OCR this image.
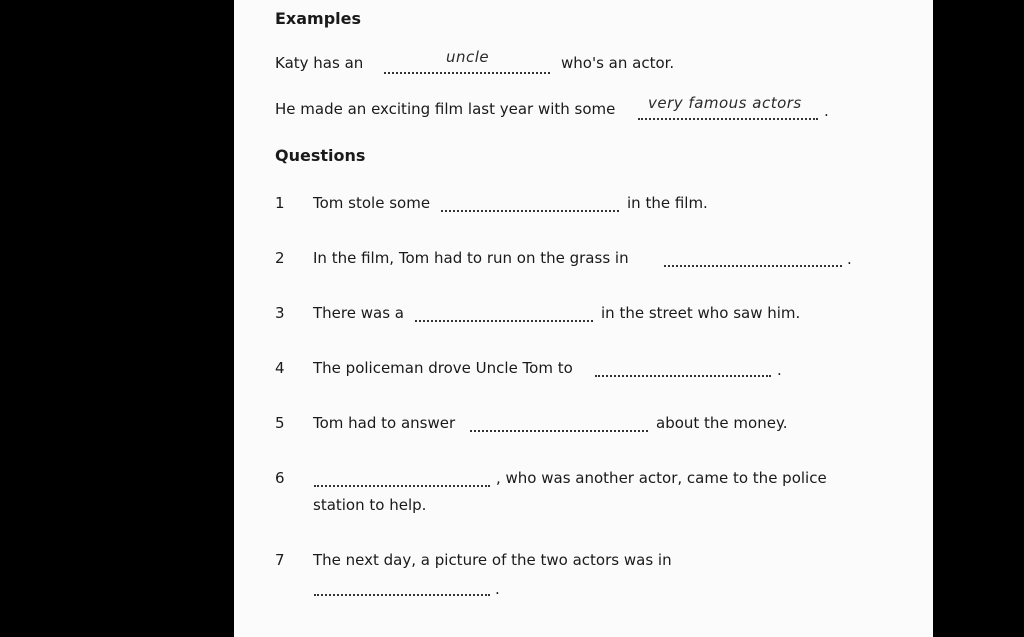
Examples
Katy has an	uncle	who's an actor.
He made an exciting film last year with some very famous actors .
Questions
1 Tom stole some	in the film.
2 In the film, Tom had to run on the grass in	.
3 There was a	in the street who saw him.
4 The policeman drove Uncle Tom to	.
5 Tom had to answer	about the money.
6	, who was another actor, came to the police
station to help.
7 The next day, a picture of the two actors was in
.
